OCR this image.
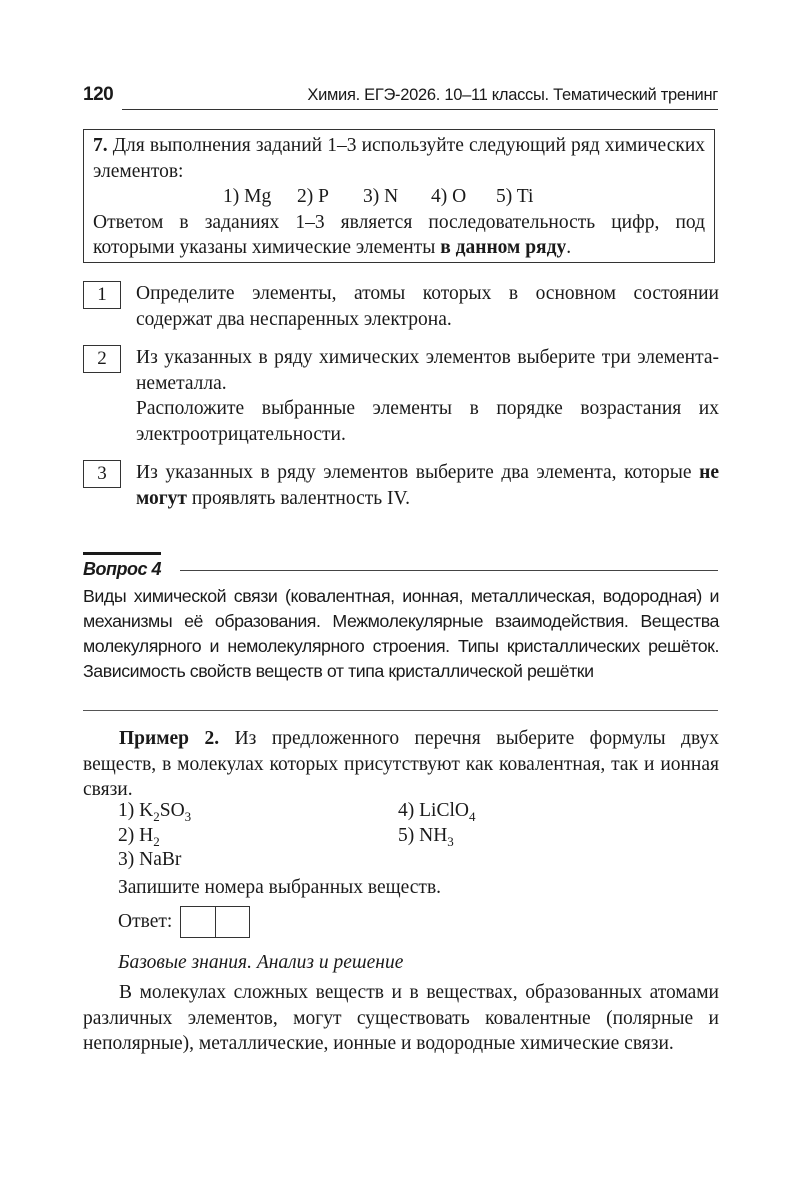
120	Химия. ЕГЭ-2026. 10–11 классы. Тематический тренинг

7. Для выполнения заданий 1–3 используйте следующий ряд химических элементов:

1) Mg	2) P	3) N	4) O	5) Ti

Ответом в заданиях 1–3 является последовательность цифр, под которыми указаны химические элементы в данном ряду.

1	Определите элементы, атомы которых в основном состоянии содержат два неспаренных электрона.

2	Из указанных в ряду химических элементов выберите три элемента-неметалла.

Расположите выбранные элементы в порядке возрастания их электроотрицательности.

3	Из указанных в ряду элементов выберите два элемента, которые не могут проявлять валентность IV.

Вопрос 4
Виды химической связи (ковалентная, ионная, металлическая, водородная) и механизмы её образования. Межмолекулярные взаимодействия. Вещества молекулярного и немолекулярного строения. Типы кристаллических решёток. Зависимость свойств веществ от типа кристаллической решётки

Пример 2. Из предложенного перечня выберите формулы двух веществ, в молекулах которых присутствуют как ковалентная, так и ионная связи.

1) $K_2SO_3$
2) $H_2$
3) NaBr
4) LiClO$_4$
5) $NH_3$
Запишите номера выбранных веществ.
Ответ:
Базовые знания. Анализ и решение

В молекулах сложных веществ и в веществах, образованных атомами различных элементов, могут существовать ковалентные (полярные и неполярные), металлические, ионные и водородные химические связи.
